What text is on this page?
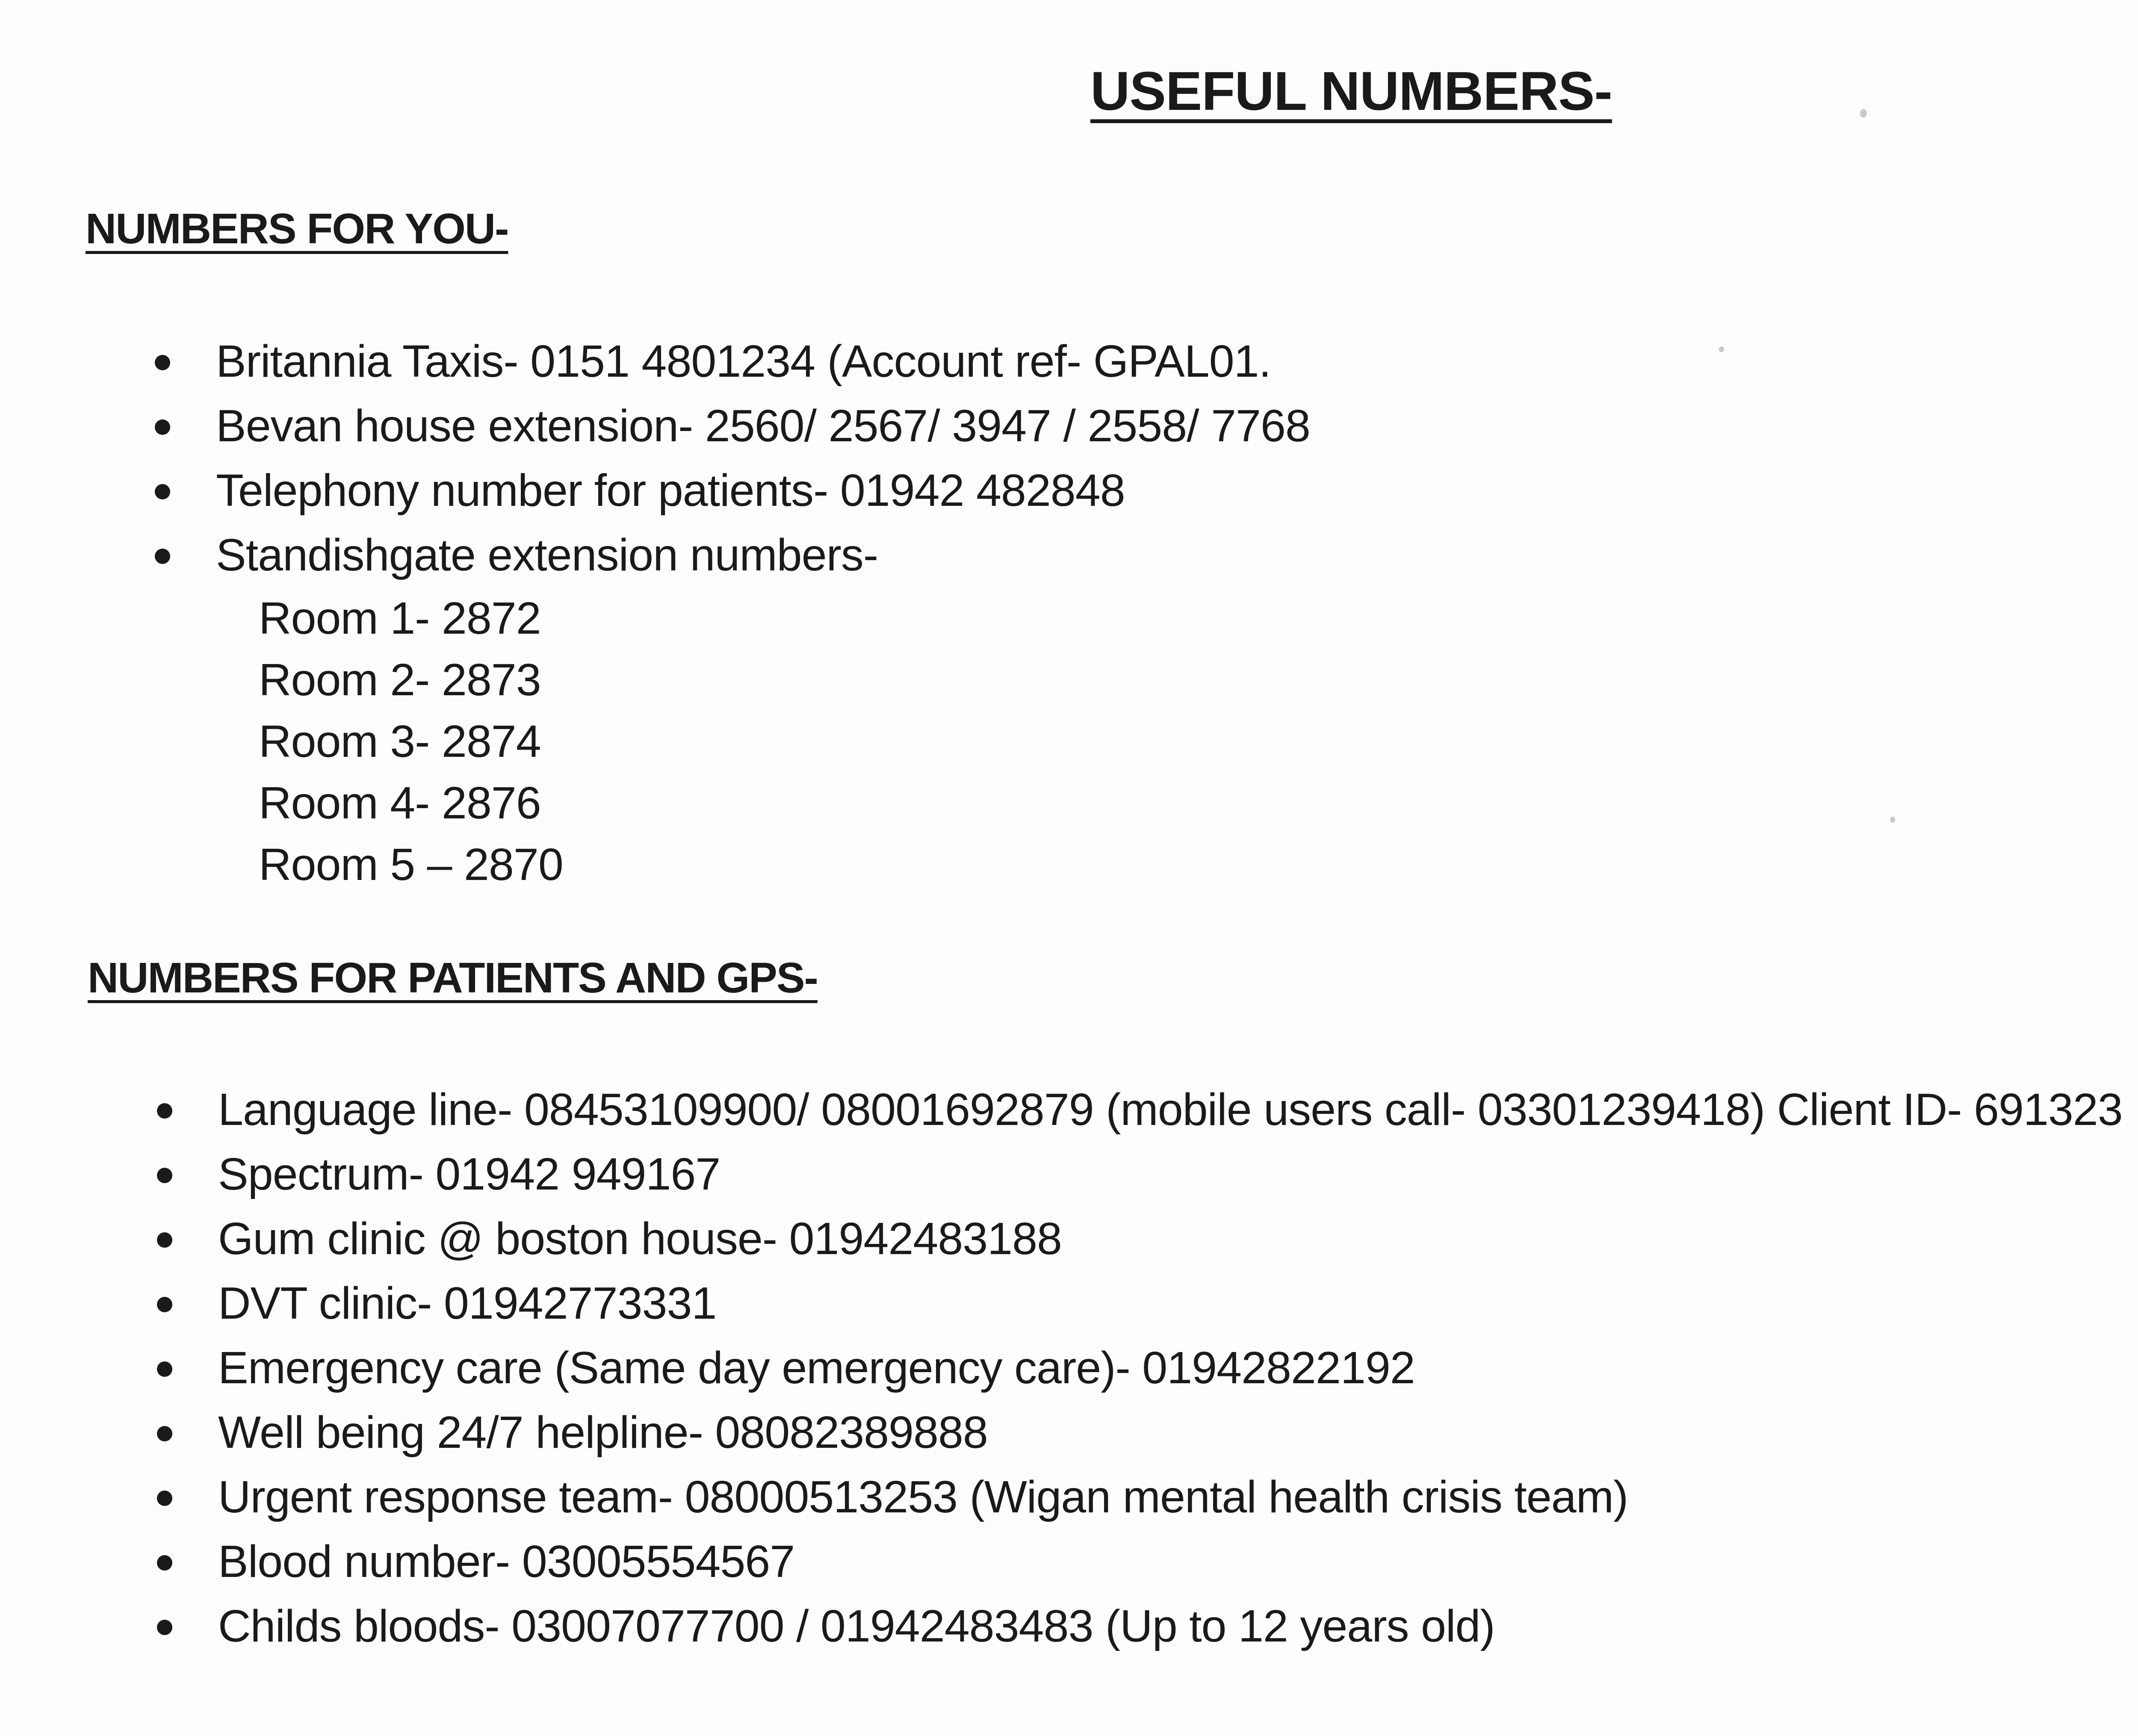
USEFUL NUMBERS-
NUMBERS FOR YOU-
Britannia Taxis- 0151 4801234 (Account ref- GPAL01.
Bevan house extension- 2560/ 2567/ 3947 / 2558/ 7768
Telephony number for patients- 01942 482848
Standishgate extension numbers-
Room 1- 2872
Room 2- 2873
Room 3- 2874
Room 4- 2876
Room 5 – 2870
NUMBERS FOR PATIENTS AND GPS-
Language line- 08453109900/ 08001692879 (mobile users call- 03301239418) Client ID- 691323
Spectrum- 01942 949167
Gum clinic @ boston house- 01942483188
DVT clinic- 01942773331
Emergency care (Same day emergency care)- 01942822192
Well being 24/7 helpline- 08082389888
Urgent response team- 08000513253 (Wigan mental health crisis team)
Blood number- 03005554567
Childs bloods- 03007077700 / 01942483483 (Up to 12 years old)
